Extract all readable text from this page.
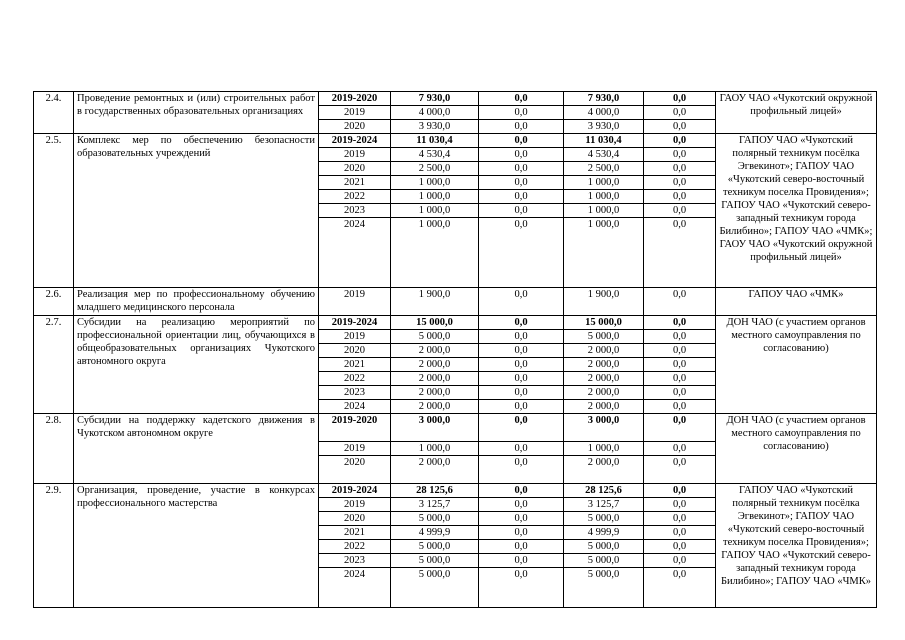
2.4.	Проведение ремонтных и (или) строительных работ в государственных образовательных организациях	2019-2020	7 930,0	0,0	7 930,0	0,0	ГАОУ ЧАО «Чукотский окружной профильный лицей»
		2019	4 000,0	0,0	4 000,0	0,0	
		2020	3 930,0	0,0	3 930,0	0,0	
2.5.	Комплекс мер по обеспечению безопасности образовательных учреждений	2019-2024	11 030,4	0,0	11 030,4	0,0	ГАПОУ ЧАО «Чукотский полярный техникум посёлка Эгвекинот»; ГАПОУ ЧАО «Чукотский северо-восточный техникум поселка Провидения»; ГАПОУ ЧАО «Чукотский северо-западный техникум города Билибино»; ГАПОУ ЧАО «ЧМК»; ГАОУ ЧАО «Чукотский окружной профильный лицей»
		2019	4 530,4	0,0	4 530,4	0,0	
		2020	2 500,0	0,0	2 500,0	0,0	
		2021	1 000,0	0,0	1 000,0	0,0	
		2022	1 000,0	0,0	1 000,0	0,0	
		2023	1 000,0	0,0	1 000,0	0,0	
		2024	1 000,0	0,0	1 000,0	0,0	
2.6.	Реализация мер по профессиональному обучению младшего медицинского персонала	2019	1 900,0	0,0	1 900,0	0,0	ГАПОУ ЧАО «ЧМК»
2.7.	Субсидии на реализацию мероприятий по профессиональной ориентации лиц, обучающихся в общеобразовательных организациях Чукотского автономного округа	2019-2024	15 000,0	0,0	15 000,0	0,0	ДОН ЧАО (с участием органов местного самоуправления по согласованию)
		2019	5 000,0	0,0	5 000,0	0,0	
		2020	2 000,0	0,0	2 000,0	0,0	
		2021	2 000,0	0,0	2 000,0	0,0	
		2022	2 000,0	0,0	2 000,0	0,0	
		2023	2 000,0	0,0	2 000,0	0,0	
		2024	2 000,0	0,0	2 000,0	0,0	
2.8.	Субсидии на поддержку кадетского движения в Чукотском автономном округе	2019-2020	3 000,0	0,0	3 000,0	0,0	ДОН ЧАО (с участием органов местного самоуправления по согласованию)
		2019	1 000,0	0,0	1 000,0	0,0	
		2020	2 000,0	0,0	2 000,0	0,0	
2.9.	Организация, проведение, участие в конкурсах профессионального мастерства	2019-2024	28 125,6	0,0	28 125,6	0,0	ГАПОУ ЧАО «Чукотский полярный техникум посёлка Эгвекинот»; ГАПОУ ЧАО «Чукотский северо-восточный техникум поселка Провидения»; ГАПОУ ЧАО «Чукотский северо-западный техникум города Билибино»; ГАПОУ ЧАО «ЧМК»
		2019	3 125,7	0,0	3 125,7	0,0	
		2020	5 000,0	0,0	5 000,0	0,0	
		2021	4 999,9	0,0	4 999,9	0,0	
		2022	5 000,0	0,0	5 000,0	0,0	
		2023	5 000,0	0,0	5 000,0	0,0	
		2024	5 000,0	0,0	5 000,0	0,0	
